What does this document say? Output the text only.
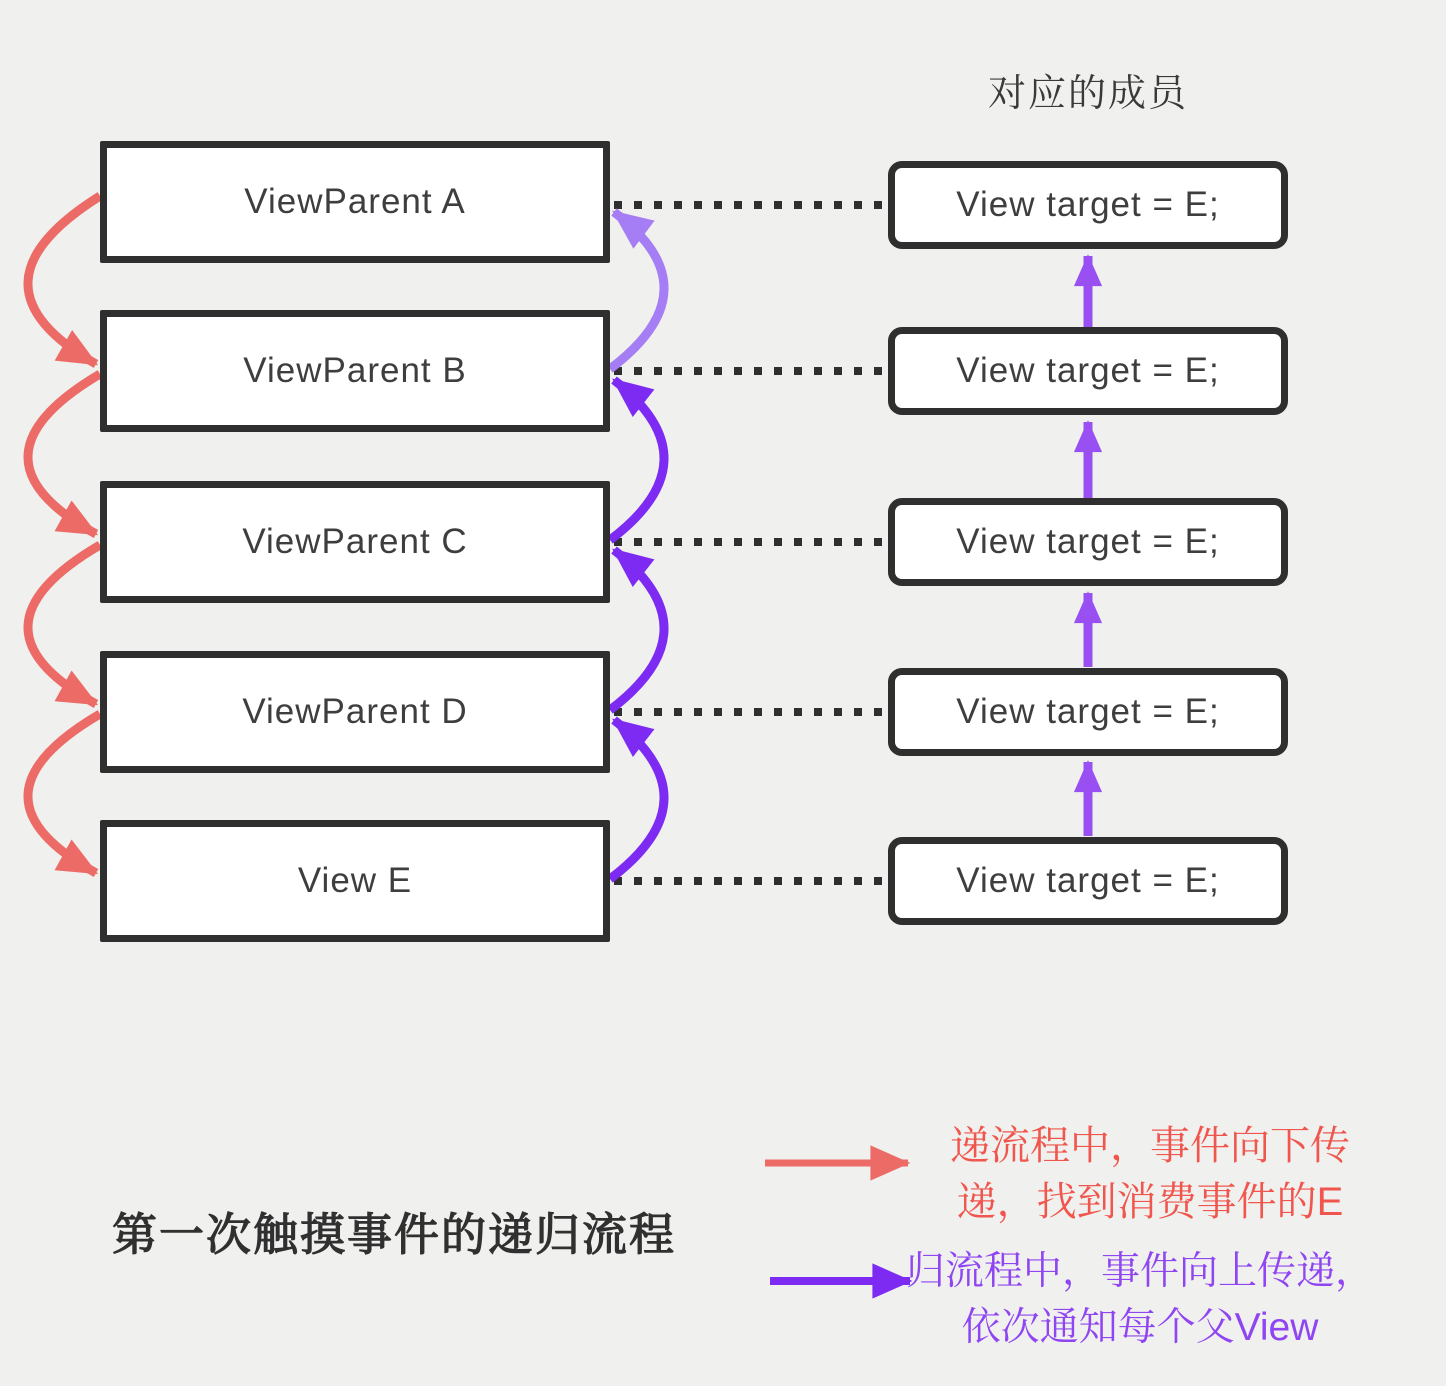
对应的成员
ViewParent A
ViewParent B
ViewParent C
ViewParent D
View E
View target = E;
View target = E;
View target = E;
View target = E;
View target = E;
第一次触摸事件的递归流程
递流程中，事件向下传
递，找到消费事件的E
归流程中，事件向上传递，
依次通知每个父View
